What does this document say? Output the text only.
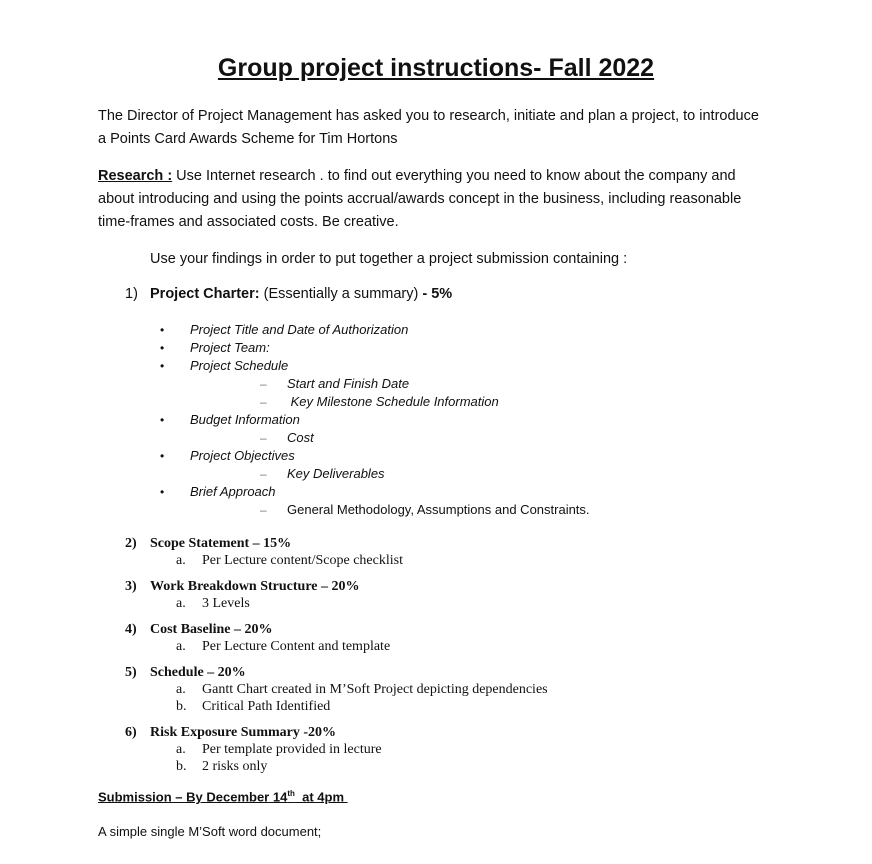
Group project instructions- Fall 2022
The Director of Project Management has asked you to research, initiate and plan a project, to introduce
a Points Card Awards Scheme for Tim Hortons
Research : Use Internet research . to find out everything you need to know about the company and
about introducing and using the points accrual/awards concept in the business, including reasonable
time-frames and associated costs. Be creative.
Use your findings in order to put together a project submission containing :
1) Project Charter: (Essentially a summary) - 5%
• Project Title and Date of Authorization
• Project Team:
• Project Schedule
– Start and Finish Date
– Key Milestone Schedule Information
• Budget Information
– Cost
• Project Objectives
– Key Deliverables
• Brief Approach
– General Methodology, Assumptions and Constraints.
2) Scope Statement – 15%
a. Per Lecture content/Scope checklist
3) Work Breakdown Structure – 20%
a. 3 Levels
4) Cost Baseline – 20%
a. Per Lecture Content and template
5) Schedule – 20%
a. Gantt Chart created in M’Soft Project depicting dependencies
b. Critical Path Identified
6) Risk Exposure Summary -20%
a. Per template provided in lecture
b. 2 risks only
Submission – By December 14th  at 4pm
A simple single M’Soft word document;
